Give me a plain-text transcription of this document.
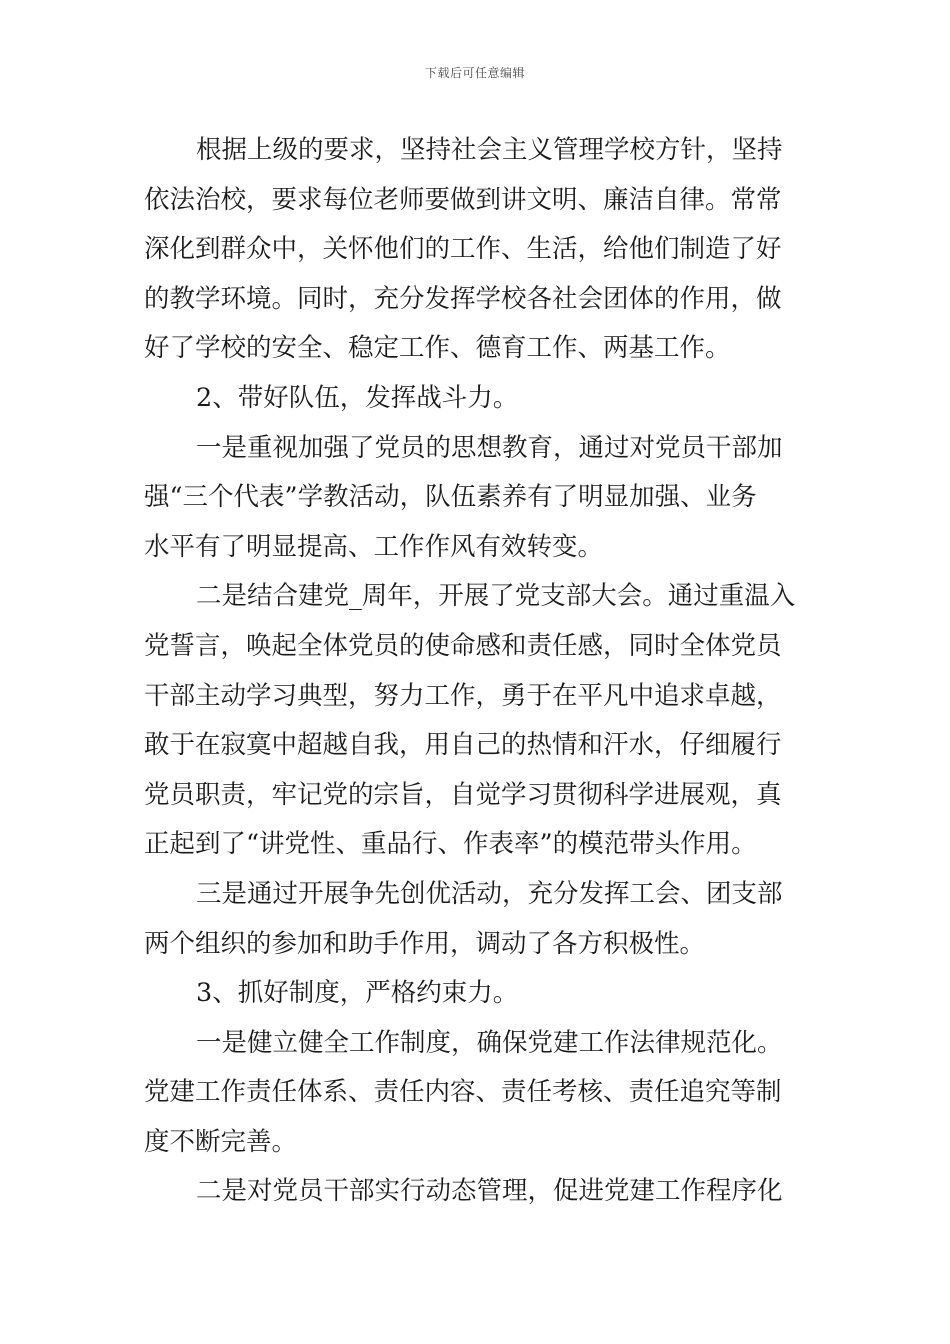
下载后可任意编辑
根据上级的要求，坚持社会主义管理学校方针，坚持
依法治校，要求每位老师要做到讲文明、廉洁自律。常常
深化到群众中，关怀他们的工作、生活，给他们制造了好
的教学环境。同时，充分发挥学校各社会团体的作用，做
好了学校的安全、稳定工作、德育工作、两基工作。
2、带好队伍，发挥战斗力。
一是重视加强了党员的思想教育，通过对党员干部加
强“三个代表”学教活动，队伍素养有了明显加强、业务
水平有了明显提高、工作作风有效转变。
二是结合建党_周年，开展了党支部大会。通过重温入
党誓言，唤起全体党员的使命感和责任感，同时全体党员
干部主动学习典型，努力工作，勇于在平凡中追求卓越，
敢于在寂寞中超越自我，用自己的热情和汗水，仔细履行
党员职责，牢记党的宗旨，自觉学习贯彻科学进展观，真
正起到了“讲党性、重品行、作表率”的模范带头作用。
三是通过开展争先创优活动，充分发挥工会、团支部
两个组织的参加和助手作用，调动了各方积极性。
3、抓好制度，严格约束力。
一是健立健全工作制度，确保党建工作法律规范化。
党建工作责任体系、责任内容、责任考核、责任追究等制
度不断完善。
二是对党员干部实行动态管理，促进党建工作程序化
